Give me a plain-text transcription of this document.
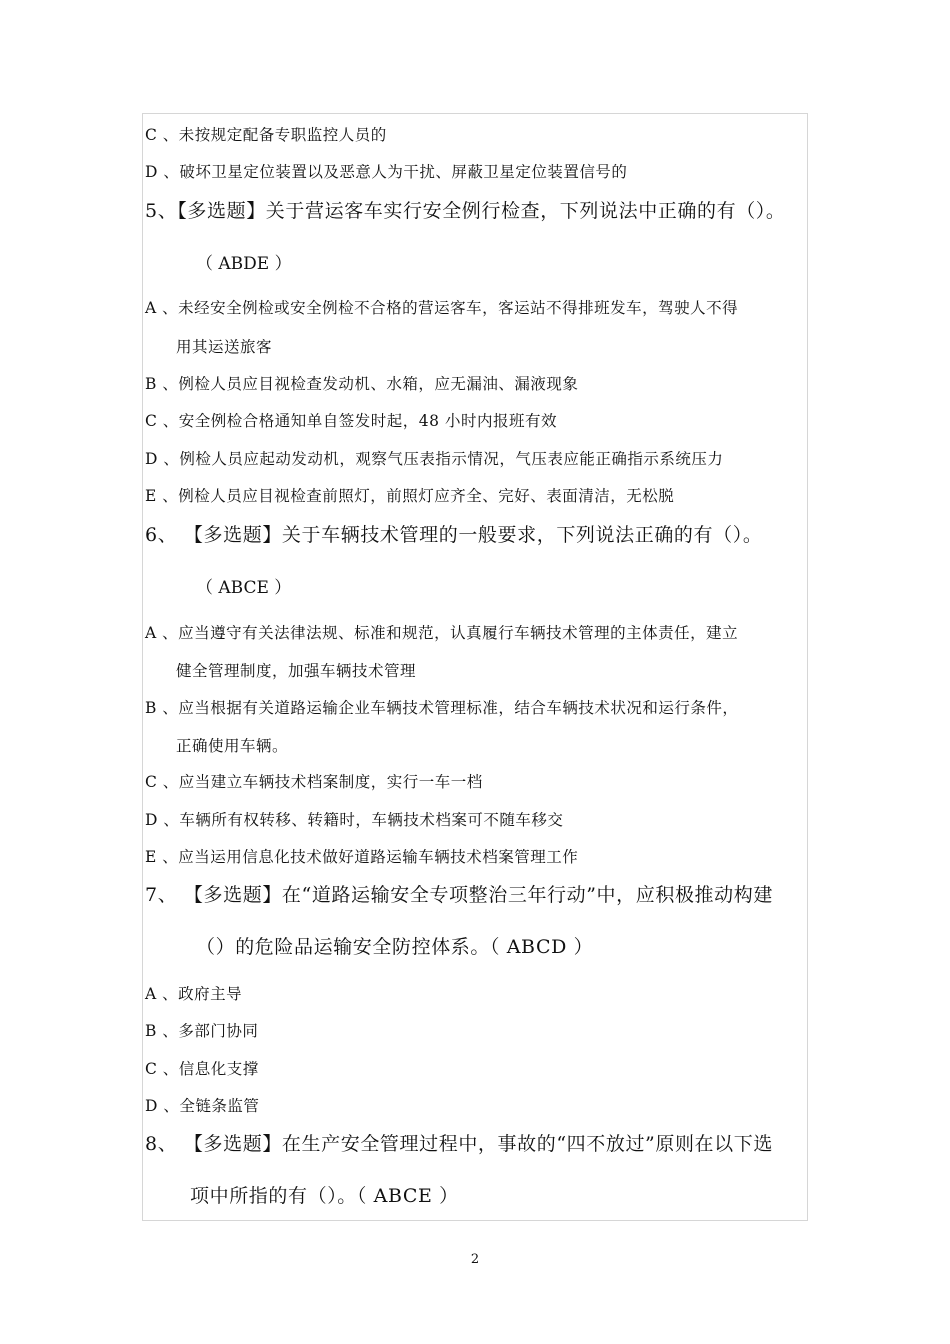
C 、未按规定配备专职监控人员的
D 、破坏卫星定位装置以及恶意人为干扰、屏蔽卫星定位装置信号的
5、【多选题】关于营运客车实行安全例行检查，下列说法中正确的有（）。
（ ABDE ）
A 、未经安全例检或安全例检不合格的营运客车，客运站不得排班发车，驾驶人不得
用其运送旅客
B 、例检人员应目视检查发动机、水箱，应无漏油、漏液现象
C 、安全例检合格通知单自签发时起，48 小时内报班有效
D 、例检人员应起动发动机，观察气压表指示情况，气压表应能正确指示系统压力
E 、例检人员应目视检查前照灯，前照灯应齐全、完好、表面清洁，无松脱
6、 【多选题】关于车辆技术管理的一般要求，下列说法正确的有（）。
（ ABCE ）
A 、应当遵守有关法律法规、标准和规范，认真履行车辆技术管理的主体责任，建立
健全管理制度，加强车辆技术管理
B 、应当根据有关道路运输企业车辆技术管理标准，结合车辆技术状况和运行条件，
正确使用车辆。
C 、应当建立车辆技术档案制度，实行一车一档
D 、车辆所有权转移、转籍时，车辆技术档案可不随车移交
E 、应当运用信息化技术做好道路运输车辆技术档案管理工作
7、 【多选题】在“道路运输安全专项整治三年行动”中，应积极推动构建
（）的危险品运输安全防控体系。（ ABCD ）
A 、政府主导
B 、多部门协同
C 、信息化支撑
D 、全链条监管
8、 【多选题】在生产安全管理过程中，事故的“四不放过”原则在以下选
项中所指的有（）。（ ABCE ）
2
